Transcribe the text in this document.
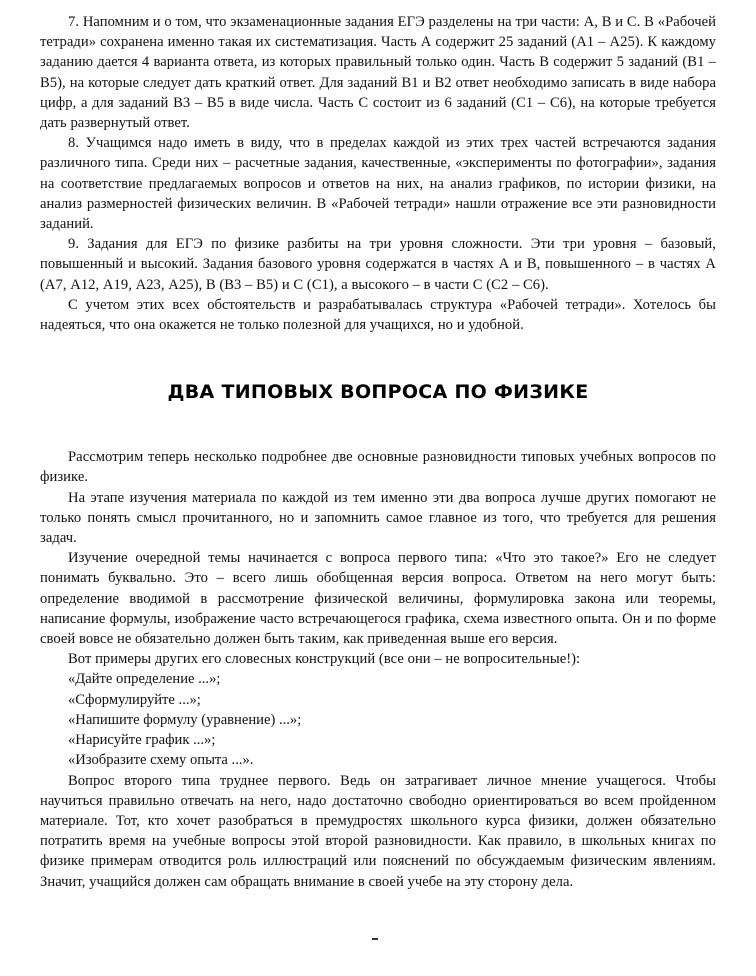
7. Напомним и о том, что экзаменационные задания ЕГЭ разделены на три части: А, В и С. В «Рабочей тетради» сохранена именно такая их систематизация. Часть А содержит 25 заданий (А1 – А25). К каждому заданию дается 4 варианта ответа, из которых правильный только один. Часть В содержит 5 заданий (В1 – В5), на которые следует дать краткий ответ. Для заданий В1 и В2 ответ необходимо записать в виде набора цифр, а для заданий В3 – В5 в виде числа. Часть С состоит из 6 заданий (С1 – С6), на которые требуется дать развернутый ответ.

8. Учащимся надо иметь в виду, что в пределах каждой из этих трех частей встречаются задания различного типа. Среди них – расчетные задания, качественные, «эксперименты по фотографии», задания на соответствие предлагаемых вопросов и ответов на них, на анализ графиков, по истории физики, на анализ размерностей физических величин. В «Рабочей тетради» нашли отражение все эти разновидности заданий.

9. Задания для ЕГЭ по физике разбиты на три уровня сложности. Эти три уровня – базовый, повышенный и высокий. Задания базового уровня содержатся в частях А и В, повышенного – в частях А (А7, А12, А19, А23, А25), В (В3 – В5) и С (С1), а высокого – в части С (С2 – С6).

С учетом этих всех обстоятельств и разрабатывалась структура «Рабочей тетради». Хотелось бы надеяться, что она окажется не только полезной для учащихся, но и удобной.

ДВА ТИПОВЫХ ВОПРОСА ПО ФИЗИКЕ

Рассмотрим теперь несколько подробнее две основные разновидности типовых учебных вопросов по физике.

На этапе изучения материала по каждой из тем именно эти два вопроса лучше других помогают не только понять смысл прочитанного, но и запомнить самое главное из того, что требуется для решения задач.

Изучение очередной темы начинается с вопроса первого типа: «Что это такое?» Его не следует понимать буквально. Это – всего лишь обобщенная версия вопроса. Ответом на него могут быть: определение вводимой в рассмотрение физической величины, формулировка закона или теоремы, написание формулы, изображение часто встречающегося графика, схема известного опыта. Он и по форме своей вовсе не обязательно должен быть таким, как приведенная выше его версия.

Вот примеры других его словесных конструкций (все они – не вопросительные!):

«Дайте определение ...»;

«Сформулируйте ...»;

«Напишите формулу (уравнение) ...»;

«Нарисуйте график ...»;

«Изобразите схему опыта ...».

Вопрос второго типа труднее первого. Ведь он затрагивает личное мнение учащегося. Чтобы научиться правильно отвечать на него, надо достаточно свободно ориентироваться во всем пройденном материале. Тот, кто хочет разобраться в премудростях школьного курса физики, должен обязательно потратить время на учебные вопросы этой второй разновидности. Как правило, в школьных книгах по физике примерам отводится роль иллюстраций или пояснений по обсуждаемым физическим явлениям. Значит, учащийся должен сам обращать внимание в своей учебе на эту сторону дела.
